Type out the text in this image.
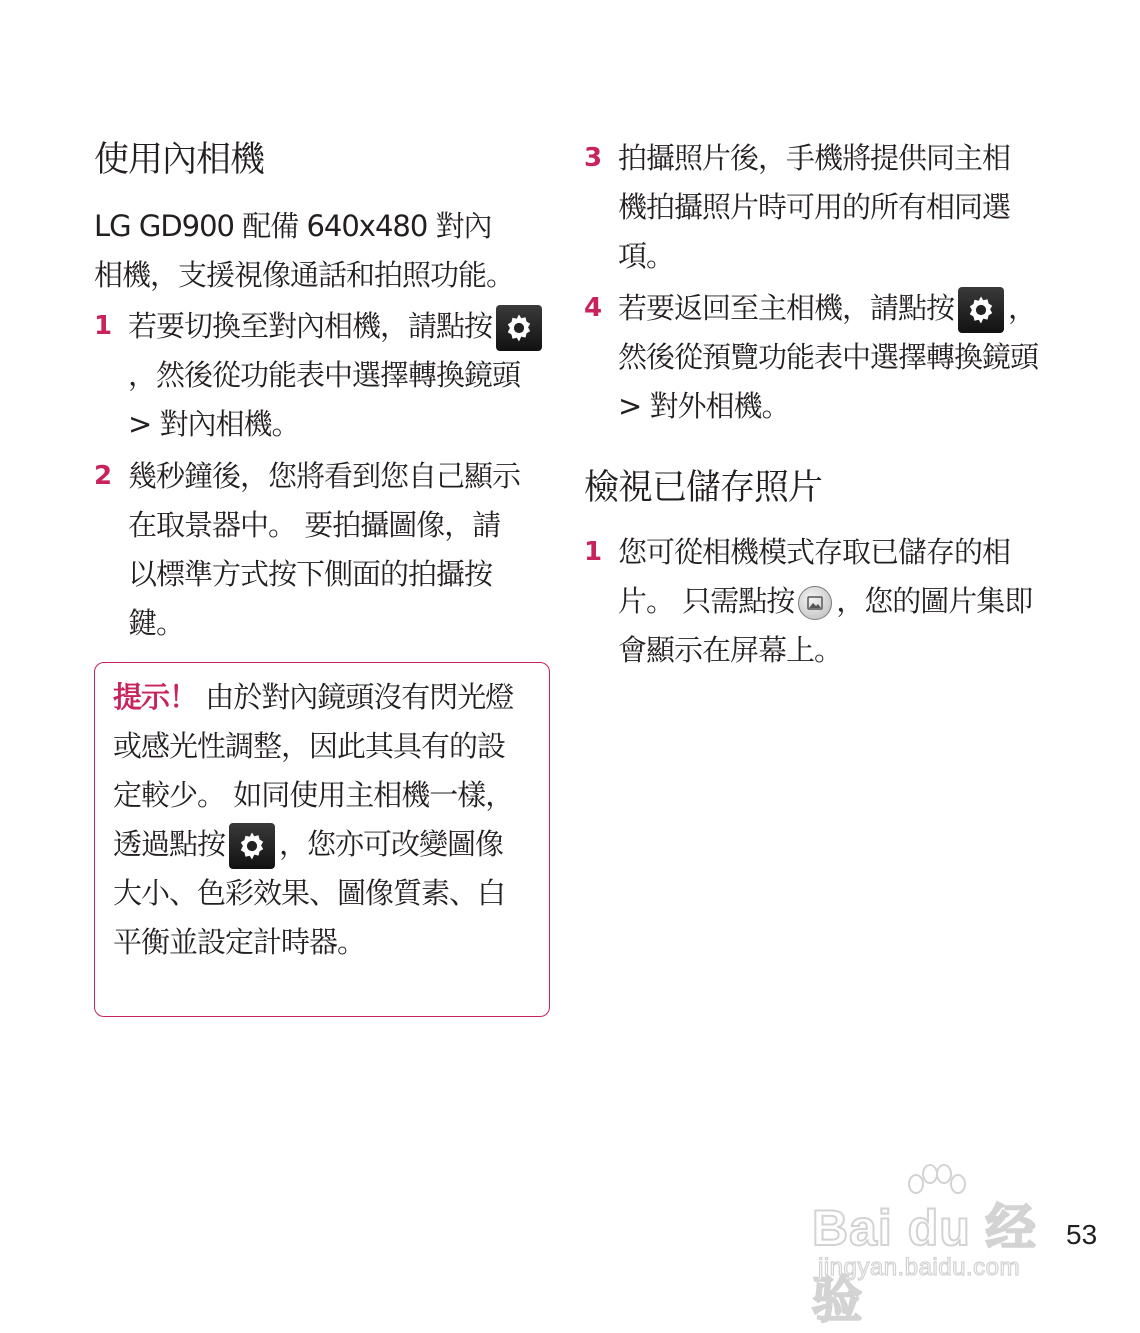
使用內相機

LG GD900 配備 640x480 對內相機，支援視像通話和拍照功能。

1 若要切換至對內相機，請點按
，然後從功能表中選擇轉換鏡頭 > 對內相機。
2 幾秒鐘後，您將看到您自己顯示在取景器中。 要拍攝圖像，請以標準方式按下側面的拍攝按鍵。
提示！ 由於對內鏡頭沒有閃光燈或感光性調整，因此其具有的設定較少。 如同使用主相機一樣，透過點按 ，您亦可改變圖像大小、色彩效果、圖像質素、白平衡並設定計時器。
3 拍攝照片後，手機將提供同主相機拍攝照片時可用的所有相同選項。
4 若要返回至主相機，請點按 ，然後從預覽功能表中選擇轉換鏡頭 > 對外相機。
檢視已儲存照片
1 您可從相機模式存取已儲存的相片。 只需點按 ，您的圖片集即會顯示在屏幕上。
Bai du 经验
jingyan.baidu.com
53
